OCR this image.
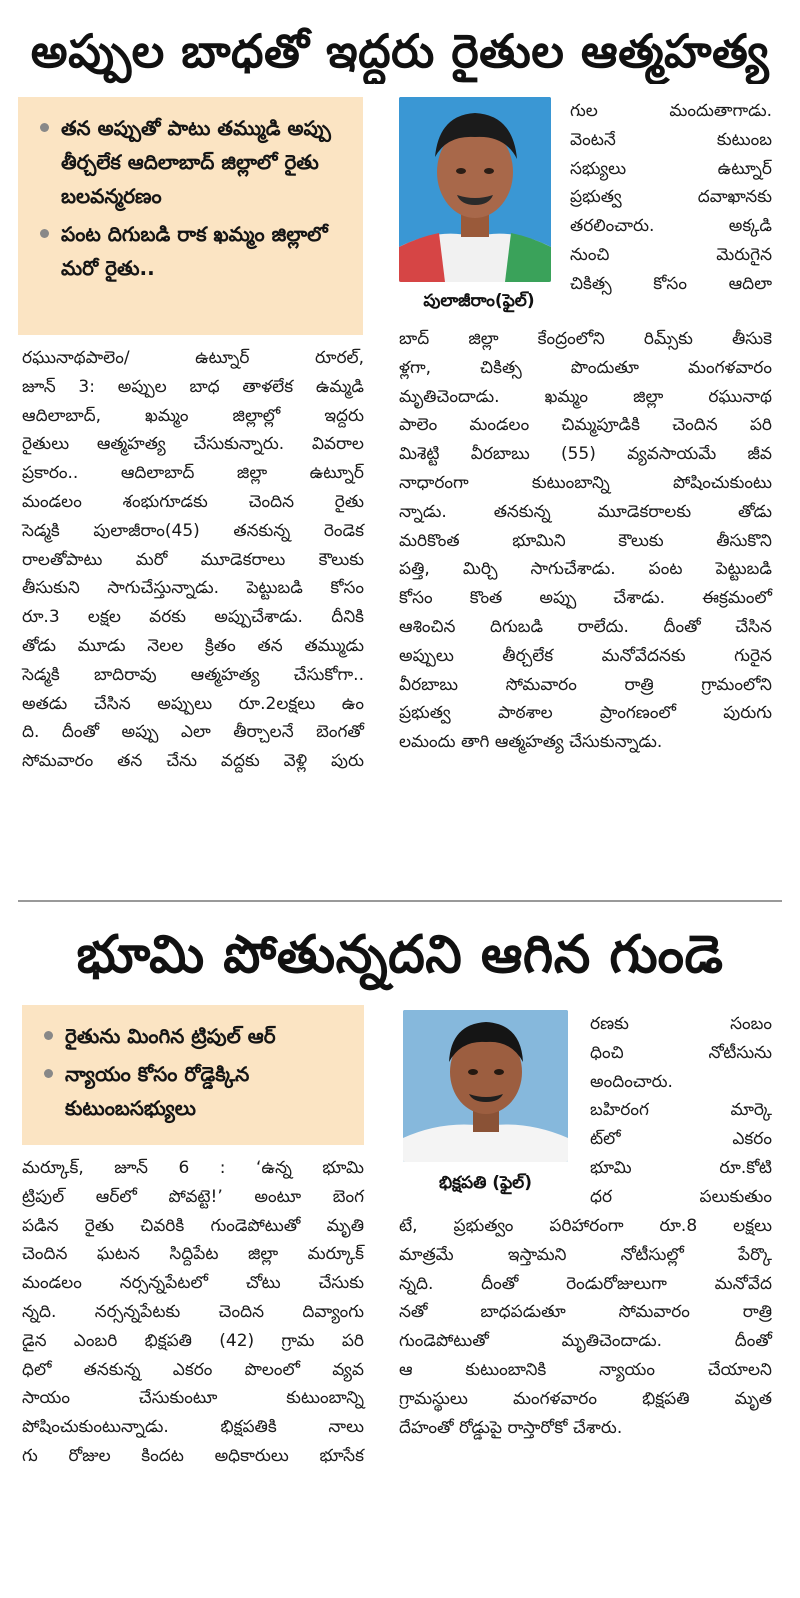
అప్పుల బాధతో ఇద్దరు రైతుల ఆత్మహత్య
తన అప్పుతో పాటు తమ్ముడి అప్పు తీర్చలేక ఆదిలాబాద్ జిల్లాలో రైతు బలవన్మరణం
పంట దిగుబడి రాక ఖమ్మం జిల్లాలో మరో రైతు..
పులాజీరాం(ఫైల్)

రఘునాథపాలెం/ ఉట్నూర్ రూరల్,

జూన్ 3: అప్పుల బాధ తాళలేక ఉమ్మడి

ఆదిలాబాద్, ఖమ్మం జిల్లాల్లో ఇద్దరు

రైతులు ఆత్మహత్య చేసుకున్నారు. వివరాల

ప్రకారం.. ఆదిలాబాద్ జిల్లా ఉట్నూర్

మండలం శంభుగూడకు చెందిన రైతు

సెడ్మకి పులాజీరాం(45) తనకున్న రెండెక

రాలతోపాటు మరో మూడెకరాలు కౌలుకు

తీసుకుని సాగుచేస్తున్నాడు. పెట్టుబడి కోసం

రూ.3 లక్షల వరకు అప్పుచేశాడు. దీనికి

తోడు మూడు నెలల క్రితం తన తమ్ముడు

సెడ్మకి బాదిరావు ఆత్మహత్య చేసుకోగా..

అతడు చేసిన అప్పులు రూ.2లక్షలు ఉం

ది. దీంతో అప్పు ఎలా తీర్చాలనే బెంగతో

సోమవారం తన చేను వద్దకు వెళ్లి పురు

గుల మందుతాగాడు.

వెంటనే కుటుంబ

సభ్యులు ఉట్నూర్

ప్రభుత్వ దవాఖానకు

తరలించారు. అక్కడి

నుంచి మెరుగైన

చికిత్స కోసం ఆదిలా

బాద్ జిల్లా కేంద్రంలోని రిమ్స్‌కు తీసుకె

ళ్లగా, చికిత్స పొందుతూ మంగళవారం

మృతిచెందాడు. ఖమ్మం జిల్లా రఘునాథ

పాలెం మండలం చిమ్మపూడికి చెందిన పరి

మిశెట్టి వీరబాబు (55) వ్యవసాయమే జీవ

నాధారంగా కుటుంబాన్ని పోషించుకుంటు

న్నాడు. తనకున్న మూడెకరాలకు తోడు

మరికొంత భూమిని కౌలుకు తీసుకొని

పత్తి, మిర్చి సాగుచేశాడు. పంట పెట్టుబడి

కోసం కొంత అప్పు చేశాడు. ఈక్రమంలో

ఆశించిన దిగుబడి రాలేదు. దీంతో చేసిన

అప్పులు తీర్చలేక మనోవేదనకు గురైన

వీరబాబు సోమవారం రాత్రి గ్రామంలోని

ప్రభుత్వ పాఠశాల ప్రాంగణంలో పురుగు

లమందు తాగి ఆత్మహత్య చేసుకున్నాడు.

భూమి పోతున్నదని ఆగిన గుండె
రైతును మింగిన ట్రిపుల్ ఆర్
న్యాయం కోసం రోడ్డెక్కిన కుటుంబసభ్యులు
భిక్షపతి (ఫైల్)

మర్కూక్, జూన్ 6 : ‘ఉన్న భూమి

ట్రిపుల్ ఆర్‌లో పోవట్టె!’ అంటూ బెంగ

పడిన రైతు చివరికి గుండెపోటుతో మృతి

చెందిన ఘటన సిద్దిపేట జిల్లా మర్కూక్

మండలం నర్సన్నపేటలో చోటు చేసుకు

న్నది. నర్సన్నపేటకు చెందిన దివ్యాంగు

డైన ఎంబరి భిక్షపతి (42) గ్రామ పరి

ధిలో తనకున్న ఎకరం పొలంలో వ్యవ

సాయం చేసుకుంటూ కుటుంబాన్ని

పోషించుకుంటున్నాడు. భిక్షపతికి నాలు

గు రోజుల కిందట అధికారులు భూసేక

రణకు సంబం

ధించి నోటీసును

అందించారు.

బహిరంగ మార్కె

ట్‌లో ఎకరం

భూమి రూ.కోటి

ధర పలుకుతుం

టే, ప్రభుత్వం పరిహారంగా రూ.8 లక్షలు

మాత్రమే ఇస్తామని నోటీసుల్లో పేర్కొ

న్నది. దీంతో రెండురోజులుగా మనోవేద

నతో బాధపడుతూ సోమవారం రాత్రి

గుండెపోటుతో మృతిచెందాడు. దీంతో

ఆ కుటుంబానికి న్యాయం చేయాలని

గ్రామస్థులు మంగళవారం భిక్షపతి మృత

దేహంతో రోడ్డుపై రాస్తారోకో చేశారు.
